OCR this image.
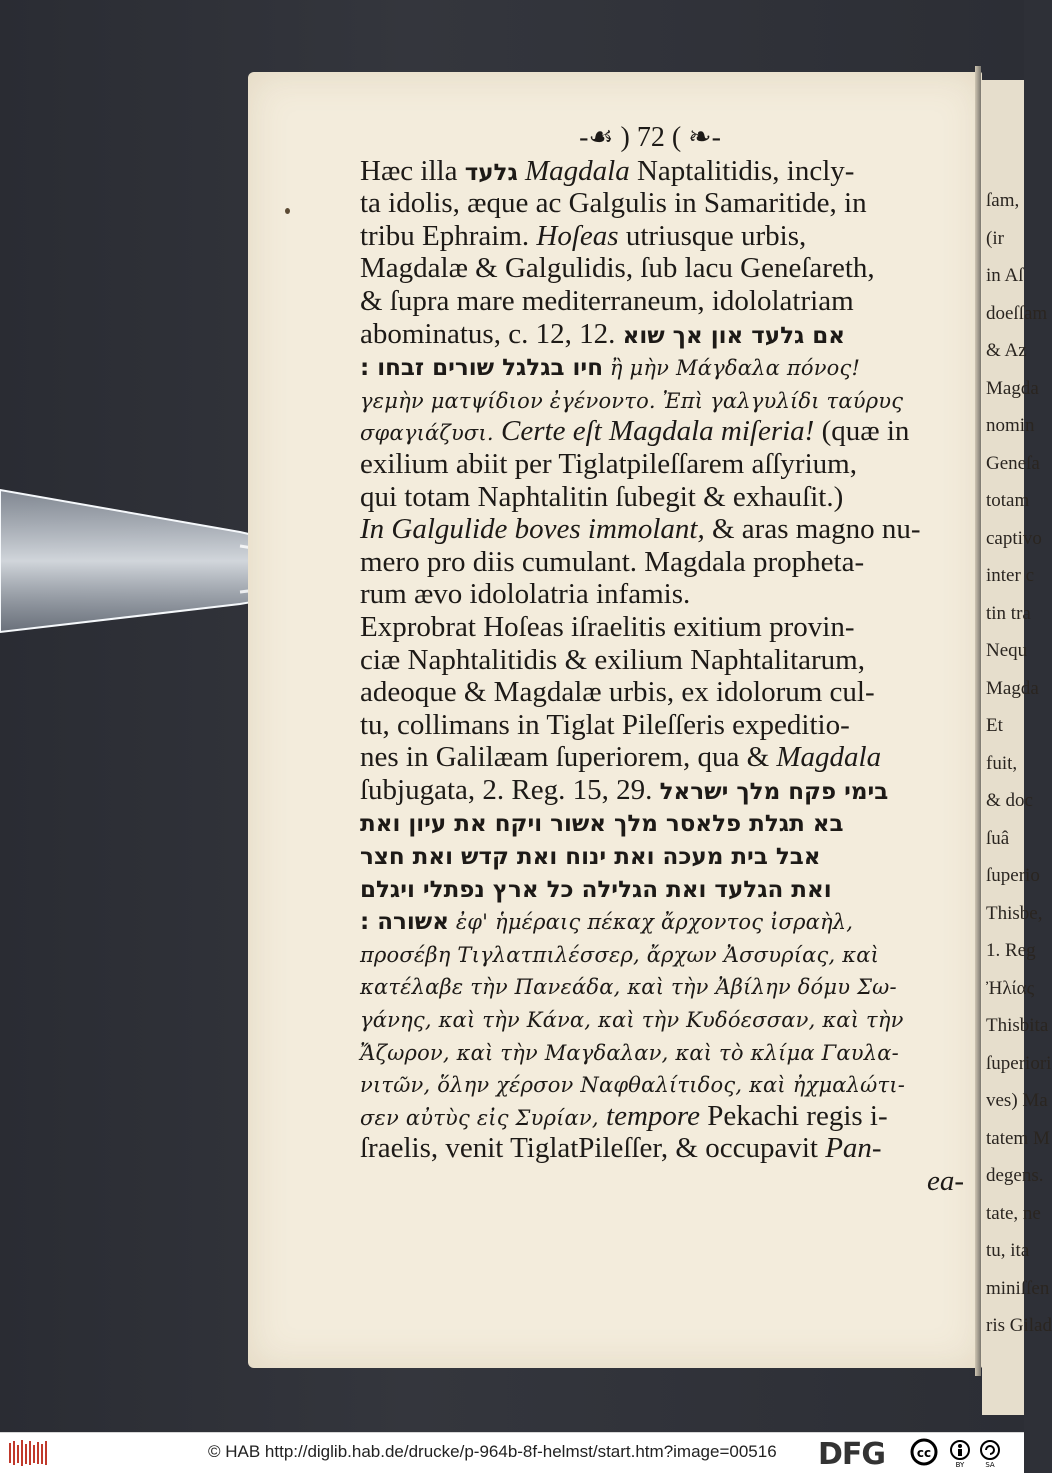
ſam,
(ir
in Aſ
doeſſam
& Az
Magda
nomin
Geneſa
totam
captivo
inter c
tin tra
Nequ
Magda
Et
fuit,
& doc
ſuâ
ſuperio
Thisbe,
1. Reg
Ἠλίας
Thisbita
ſuperiori
ves) Ma
tatem M
degens.
tate, ne
tu, ita
miniſſen
ris Gilad
-☙ ) 72 ( ❧-
Hæc illa גלעד Magdala Naptalitidis, incly-
ta idolis, æque ac Galgulis in Samaritide, in
tribu Ephraim. Hoſeas utriusque urbis,
Magdalæ & Galgulidis, ſub lacu Geneſareth,
& ſupra mare mediterraneum, idololatriam
abominatus, c. 12, 12. אם גלעד און אך שוא
חיו בגלגל שורים זבחו : ἢ μὴν Μάγδαλα πόνος!
γεμὴν ματψίδιον ἐγένοντο. Ἐπὶ γαλγυλίδι ταύρυς
σφαγιάζυσι. Certe eſt Magdala miſeria! (quæ in
exilium abiit per Tiglatpileſſarem aſſyrium,
qui totam Naphtalitin ſubegit & exhauſit.)
In Galgulide boves immolant, & aras magno nu-
mero pro diis cumulant. Magdala propheta-
rum ævo idololatria infamis.
Exprobrat Hoſeas iſraelitis exitium provin-
ciæ Naphtalitidis & exilium Naphtalitarum,
adeoque & Magdalæ urbis, ex idolorum cul-
tu, collimans in Tiglat Pileſſeris expeditio-
nes in Galilæam ſuperiorem, qua & Magdala
ſubjugata, 2. Reg. 15, 29. בימי פקח מלך ישראל
בא תגלת פלאסר מלך אשור ויקח את עיון ואת
אבל בית מעכה ואת ינוח ואת קדש ואת חצר
ואת הגלעד ואת הגלילה כל ארץ נפתלי ויגלם
אשורה : ἐφ' ἡμέραις πέκαχ ἄρχοντος ἰσραὴλ,
προσέβη Τιγλατπιλέσσερ, ἄρχων Ἀσσυρίας, καὶ
κατέλαβε τὴν Πανεάδα, καὶ τὴν Ἀβίλην δόμυ Σω-
γάνης, καὶ τὴν Κάνα, καὶ τὴν Κυδόεσσαν, καὶ τὴν
Ἄζωρον, καὶ τὴν Μαγδαλαν, καὶ τὸ κλίμα Γαυλα-
νιτῶν, ὅλην χέρσον Ναφθαλίτιδος, καὶ ἠχμαλώτι-
σεν αὐτὺς εἰς Συρίαν, tempore Pekachi regis i-
ſraelis, venit TiglatPileſſer, & occupavit Pan-
ea-
© HAB http://diglib.hab.de/drucke/p-964b-8f-helmst/start.htm?image=00516 DFG	cc
BY	SA
